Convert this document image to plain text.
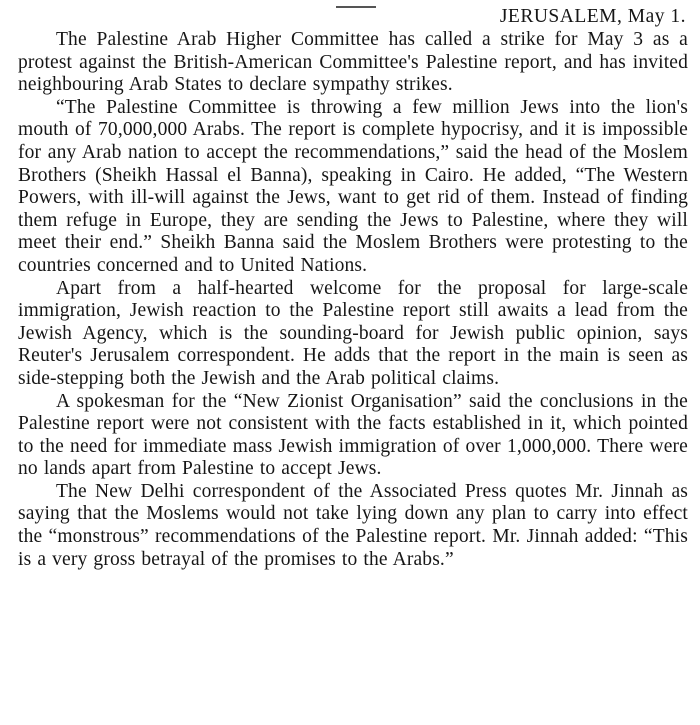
JERUSALEM, May 1.

The Palestine Arab Higher Committee has called a strike for May 3 as a protest against the British-American Committee's Palestine report, and has invited neighbouring Arab States to declare sympathy strikes.

“The Palestine Committee is throwing a few million Jews into the lion's mouth of 70,000,000 Arabs. The report is complete hypocrisy, and it is impossible for any Arab nation to accept the recommendations,” said the head of the Moslem Brothers (Sheikh Hassal el Banna), speaking in Cairo. He added, “The Western Powers, with ill-will against the Jews, want to get rid of them. Instead of finding them refuge in Europe, they are sending the Jews to Palestine, where they will meet their end.” Sheikh Banna said the Moslem Brothers were protesting to the countries concerned and to United Nations.

Apart from a half-hearted welcome for the proposal for large-scale immigration, Jewish reaction to the Palestine report still awaits a lead from the Jewish Agency, which is the sounding-board for Jewish public opinion, says Reuter's Jerusalem correspondent. He adds that the report in the main is seen as side-stepping both the Jewish and the Arab political claims.

A spokesman for the “New Zionist Organisation” said the conclusions in the Palestine report were not consistent with the facts established in it, which pointed to the need for immediate mass Jewish immigration of over 1,000,000. There were no lands apart from Palestine to accept Jews.

The New Delhi correspondent of the Associated Press quotes Mr. Jinnah as saying that the Moslems would not take lying down any plan to carry into effect the “monstrous” recommendations of the Palestine report. Mr. Jinnah added: “This is a very gross betrayal of the promises to the Arabs.”
